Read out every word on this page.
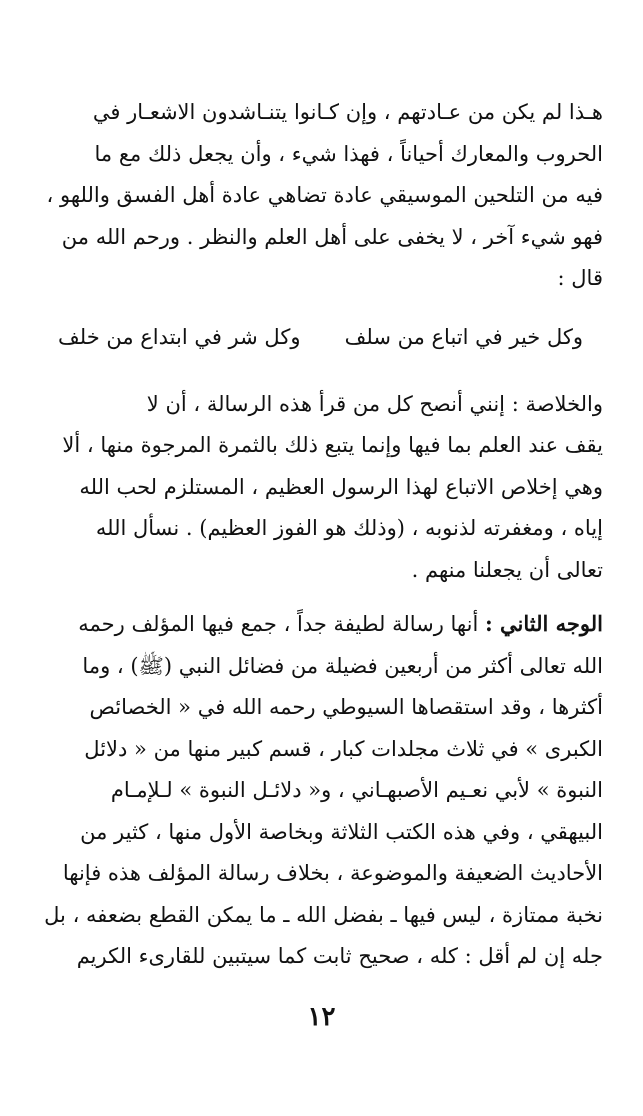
هـذا لم يكن من عـادتهم ، وإن كـانوا يتنـاشدون الاشعـار في

الحروب والمعارك أحياناً ، فهذا شيء ، وأن يجعل ذلك مع ما

فيه من التلحين الموسيقي عادة تضاهي عادة أهل الفسق واللهو ،

فهو شيء آخر ، لا يخفى على أهل العلم والنظر . ورحم الله من

قال :

وكل خير في اتباع من سلف
وكل شر في ابتداع من خلف

والخلاصة : إنني أنصح كل من قرأ هذه الرسالة ، أن لا

يقف عند العلم بما فيها وإنما يتبع ذلك بالثمرة المرجوة منها ، ألا

وهي إخلاص الاتباع لهذا الرسول العظيم ، المستلزم لحب الله

إياه ، ومغفرته لذنوبه ، (وذلك هو الفوز العظيم) . نسأل الله

تعالى أن يجعلنا منهم .

الوجه الثاني : أنها رسالة لطيفة جداً ، جمع فيها المؤلف رحمه

الله تعالى أكثر من أربعين فضيلة من فضائل النبي (ﷺ) ، وما

أكثرها ، وقد استقصاها السيوطي رحمه الله في « الخصائص

الكبرى » في ثلاث مجلدات كبار ، قسم كبير منها من « دلائل

النبوة » لأبي نعـيم الأصبهـاني ، و« دلائـل النبوة » لـلإمـام

البيهقي ، وفي هذه الكتب الثلاثة وبخاصة الأول منها ، كثير من

الأحاديث الضعيفة والموضوعة ، بخلاف رسالة المؤلف هذه فإنها

نخبة ممتازة ، ليس فيها ـ بفضل الله ـ ما يمكن القطع بضعفه ، بل

جله إن لم أقل : كله ، صحيح ثابت كما سيتبين للقارىء الكريم

١٢
